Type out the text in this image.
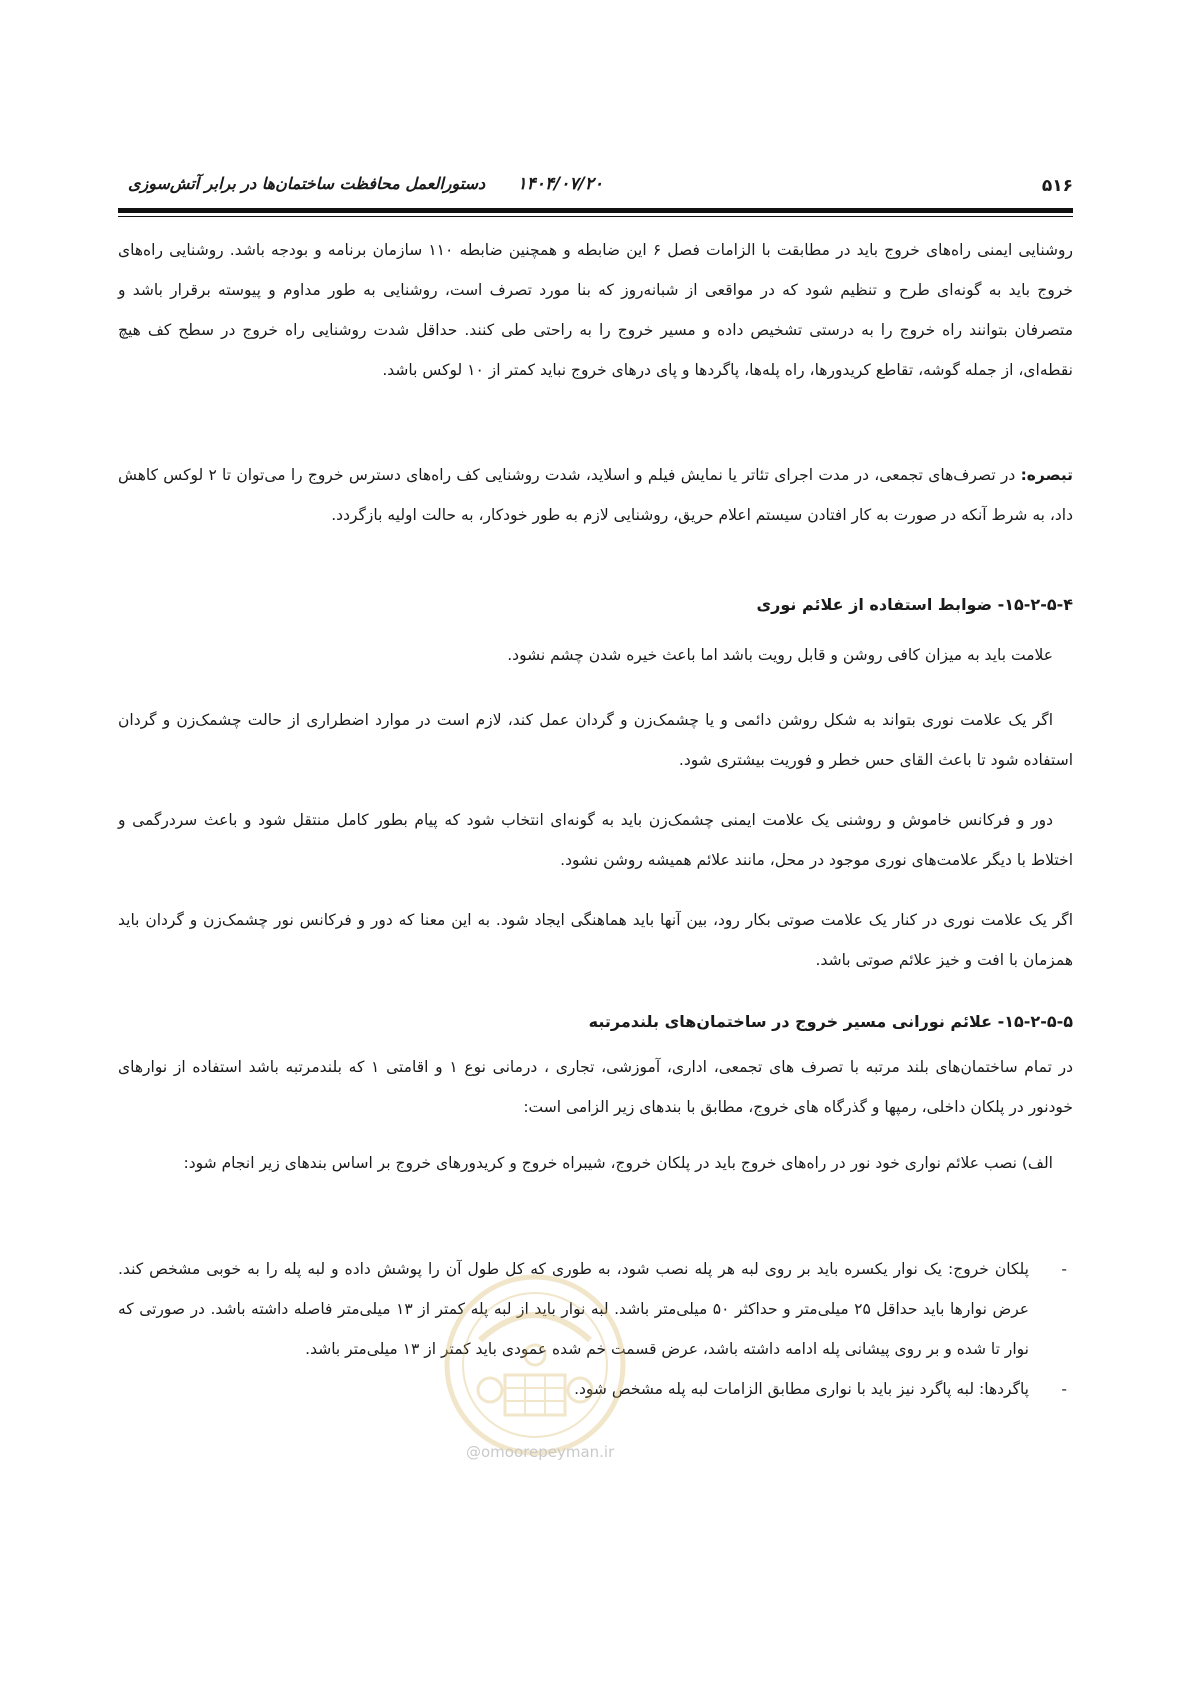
۵۱۶
۱۴۰۴/۰۷/۲۰
دستورالعمل محافظت ساختمان‌ها در برابر آتش‌سوزی

روشنایی ایمنی راه‌های خروج باید در مطابقت با الزامات فصل ۶ این ضابطه و همچنین ضابطه ۱۱۰ سازمان برنامه و بودجه باشد. روشنایی راه‌های خروج باید به گونه‌ای طرح و تنظیم شود که در مواقعی از شبانه‌روز که بنا مورد تصرف است، روشنایی به طور مداوم و پیوسته برقرار باشد و متصرفان بتوانند راه خروج را به درستی تشخیص داده و مسیر خروج را به راحتی طی کنند. حداقل شدت روشنایی راه خروج در سطح کف هیچ نقطه‌ای، از جمله گوشه، تقاطع کریدورها، راه پله‌ها، پاگردها و پای درهای خروج نباید کمتر از ۱۰ لوکس باشد.

تبصره: در تصرف‌های تجمعی، در مدت اجرای تئاتر یا نمایش فیلم و اسلاید، شدت روشنایی کف راه‌های دسترس خروج را می‌توان تا ۲ لوکس کاهش داد، به شرط آنکه در صورت به کار افتادن سیستم اعلام حریق، روشنایی لازم به طور خودکار، به حالت اولیه بازگردد.

۱۵-۲-۵-۴- ضوابط استفاده از علائم نوری

علامت باید به میزان کافی روشن و قابل رویت باشد اما باعث خیره شدن چشم نشود.

اگر یک علامت نوری بتواند به شکل روشن دائمی و یا چشمک‌زن و گردان عمل کند، لازم است در موارد اضطراری از حالت چشمک‌زن و گردان استفاده شود تا باعث القای حس خطر و فوریت بیشتری شود.

دور و فرکانس خاموش و روشنی یک علامت ایمنی چشمک‌زن باید به گونه‌ای انتخاب شود که پیام بطور کامل منتقل شود و باعث سردرگمی و اختلاط با دیگر علامت‌های نوری موجود در محل، مانند علائم همیشه روشن نشود.

اگر یک علامت نوری در کنار یک علامت صوتی بکار رود، بین آنها باید هماهنگی ایجاد شود. به این معنا که دور و فرکانس نور چشمک‌زن و گردان باید همزمان با افت و خیز علائم صوتی باشد.

۱۵-۲-۵-۵- علائم نورانی مسیر خروج در ساختمان‌های بلندمرتبه

در تمام ساختمان‌های بلند مرتبه با تصرف های تجمعی، اداری، آموزشی، تجاری ، درمانی نوع ۱ و اقامتی ۱ که بلندمرتبه باشد استفاده از نوارهای خودنور در پلکان داخلی، رمپها و گذرگاه های خروج، مطابق با بندهای زیر الزامی است:

الف) نصب علائم نواری خود نور در راه‌های خروج باید در پلکان خروج، شیبراه خروج و کریدورهای خروج بر اساس بندهای زیر انجام شود:

-
پلکان خروج: یک نوار یکسره باید بر روی لبه هر پله نصب شود، به طوری که کل طول آن را پوشش داده و لبه پله را به خوبی مشخص کند. عرض نوارها باید حداقل ۲۵ میلی‌متر و حداکثر ۵۰ میلی‌متر باشد. لبه نوار باید از لبه پله کمتر از ۱۳ میلی‌متر فاصله داشته باشد. در صورتی که نوار تا شده و بر روی پیشانی پله ادامه داشته باشد، عرض قسمت خم شده عمودی باید کمتر از ۱۳ میلی‌متر باشد.
-
پاگردها: لبه پاگرد نیز باید با نواری مطابق الزامات لبه پله مشخص شود.
@omoorepeyman.ir
